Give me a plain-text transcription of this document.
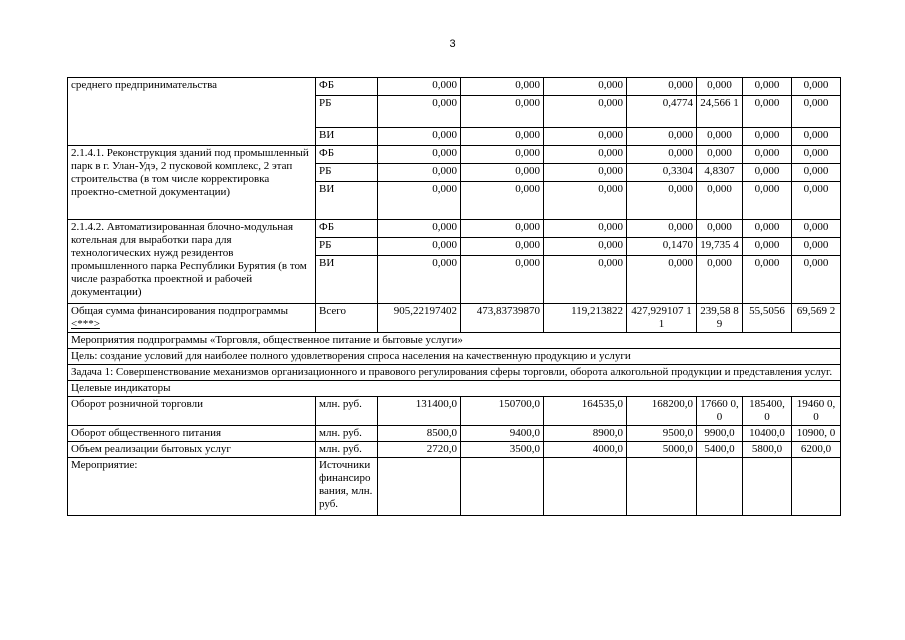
3
среднего предпринимательства	ФБ	0,000	0,000	0,000	0,000	0,000	0,000	0,000
	РБ	0,000	0,000	0,000	0,4774	24,566 1	0,000	0,000
	ВИ	0,000	0,000	0,000	0,000	0,000	0,000	0,000
2.1.4.1. Реконструкция зданий под промышленный парк в г. Улан-Удэ, 2 пусковой комплекс, 2 этап строительства (в том числе корректировка проектно-сметной документации)	ФБ	0,000	0,000	0,000	0,000	0,000	0,000	0,000
	РБ	0,000	0,000	0,000	0,3304	4,8307	0,000	0,000
	ВИ	0,000	0,000	0,000	0,000	0,000	0,000	0,000
2.1.4.2. Автоматизированная блочно-модульная котельная для выработки пара для технологических нужд резидентов промышленного парка Республики Бурятия (в том числе разработка проектной и рабочей документации)	ФБ	0,000	0,000	0,000	0,000	0,000	0,000	0,000
	РБ	0,000	0,000	0,000	0,1470	19,735 4	0,000	0,000
	ВИ	0,000	0,000	0,000	0,000	0,000	0,000	0,000
Общая сумма финансирования подпрограммы <***>	Всего	905,22197402	473,83739870	119,213822	427,929107 11	239,58 89	55,5056	69,569 2
Мероприятия подпрограммы «Торговля, общественное питание и бытовые услуги»								
Цель: создание условий для наиболее полного удовлетворения спроса населения на качественную продукцию и услуги								
Задача 1: Совершенствование механизмов организационного и правового регулирования сферы торговли, оборота алкогольной продукции и представления услуг.								
Целевые индикаторы								
Оборот розничной торговли	млн. руб.	131400,0	150700,0	164535,0	168200,0	17660 0,0	185400, 0	19460 0,0
Оборот общественного питания	млн. руб.	8500,0	9400,0	8900,0	9500,0	9900,0	10400,0	10900, 0
Объем реализации бытовых услуг	млн. руб.	2720,0	3500,0	4000,0	5000,0	5400,0	5800,0	6200,0
Мероприятие:	Источники финансиро вания, млн. руб.							
